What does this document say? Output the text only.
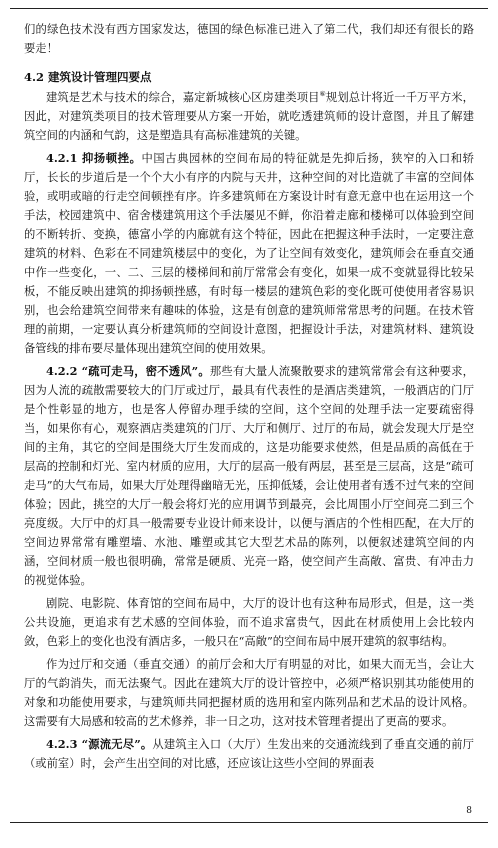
们的绿色技术没有西方国家发达，德国的绿色标准已进入了第二代，我们却还有很长的路要走！

4.2 建筑设计管理四要点

建筑是艺术与技术的综合，嘉定新城核心区房建类项目⑥规划总计将近一千万平方米，因此，对建筑类项目的技术管理要从方案一开始，就吃透建筑师的设计意图，并且了解建筑空间的内涵和气韵，这是塑造具有高标准建筑的关键。

4.2.1 抑扬顿挫。中国古典园林的空间布局的特征就是先抑后扬，狭窄的入口和轿厅，长长的步道后是一个个大小有序的内院与天井，这种空间的对比造就了丰富的空间体验，或明或暗的行走空间顿挫有序。许多建筑师在方案设计时有意无意中也在运用这一个手法，校园建筑中、宿舍楼建筑用这个手法屡见不鲜，你沿着走廊和楼梯可以体验到空间的不断转折、变换，德富小学的内廊就有这个特征，因此在把握这种手法时，一定要注意建筑的材料、色彩在不同建筑楼层中的变化，为了让空间有效变化，建筑师会在垂直交通中作一些变化，一、二、三层的楼梯间和前厅常常会有变化，如果一成不变就显得比较呆板，不能反映出建筑的抑扬顿挫感，有时每一楼层的建筑色彩的变化既可使使用者容易识别，也会给建筑空间带来有趣味的体验，这是有创意的建筑师常常思考的问题。在技术管理的前期，一定要认真分析建筑师的空间设计意图，把握设计手法，对建筑材料、建筑设备管线的排布要尽量体现出建筑空间的使用效果。

4.2.2 “疏可走马，密不透风”。那些有大量人流聚散要求的建筑常常会有这种要求，因为人流的疏散需要较大的门厅或过厅，最具有代表性的是酒店类建筑，一般酒店的门厅是个性彰显的地方，也是客人停留办理手续的空间，这个空间的处理手法一定要疏密得当，如果你有心，观察酒店类建筑的门厅、大厅和侧厅、过厅的布局，就会发现大厅是空间的主角，其它的空间是围绕大厅生发而成的，这是功能要求使然，但是品质的高低在于层高的控制和灯光、室内材质的应用，大厅的层高一般有两层，甚至是三层高，这是“疏可走马”的大气布局，如果大厅处理得幽暗无光，压抑低矮，会让使用者有透不过气来的空间体验；因此，挑空的大厅一般会将灯光的应用调节到最亮，会比周围小厅空间亮二到三个亮度级。大厅中的灯具一般需要专业设计师来设计，以便与酒店的个性相匹配，在大厅的空间边界常常有雕塑墙、水池、雕塑或其它大型艺术品的陈列，以便叙述建筑空间的内涵，空间材质一般也很明确，常常是硬质、光亮一路，使空间产生高敞、富贵、有冲击力的视觉体验。

剧院、电影院、体育馆的空间布局中，大厅的设计也有这种布局形式，但是，这一类公共设施，更追求有艺术感的空间体验，而不追求富贵气，因此在材质使用上会比较内敛，色彩上的变化也没有酒店多，一般只在“高敞”的空间布局中展开建筑的叙事结构。

作为过厅和交通（垂直交通）的前厅会和大厅有明显的对比，如果大而无当，会让大厅的气韵消失，而无法聚气。因此在建筑大厅的设计管控中，必须严格识别其功能使用的对象和功能使用要求，与建筑师共同把握材质的选用和室内陈列品和艺术品的设计风格。这需要有大局感和较高的艺术修养，非一日之功，这对技术管理者提出了更高的要求。

4.2.3 “源流无尽”。从建筑主入口（大厅）生发出来的交通流线到了垂直交通的前厅（或前室）时，会产生出空间的对比感，还应该让这些小空间的界面表

8
